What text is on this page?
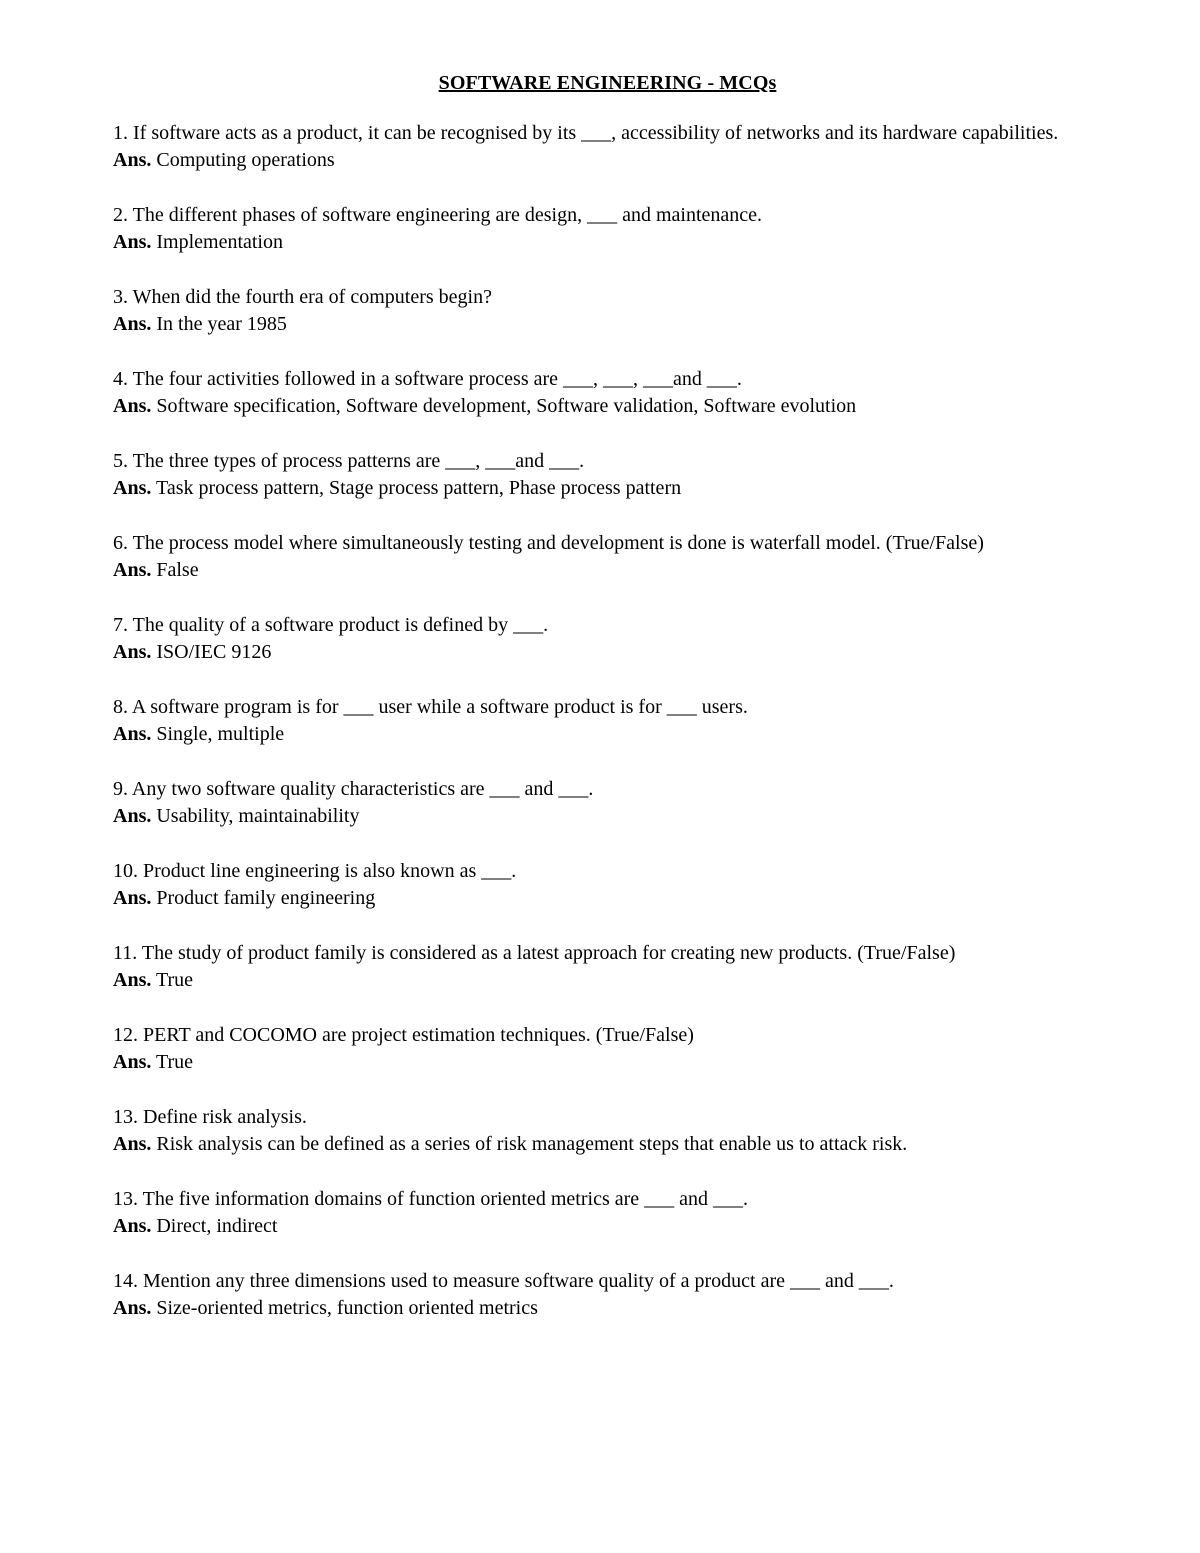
SOFTWARE ENGINEERING - MCQs

1. If software acts as a product, it can be recognised by its ___, accessibility of networks and its hardware capabilities.

Ans. Computing operations

2. The different phases of software engineering are design, ___ and maintenance.

Ans. Implementation

3. When did the fourth era of computers begin?

Ans. In the year 1985

4. The four activities followed in a software process are ___, ___, ___and ___.

Ans. Software specification, Software development, Software validation, Software evolution

5. The three types of process patterns are ___, ___and ___.

Ans. Task process pattern, Stage process pattern, Phase process pattern

6. The process model where simultaneously testing and development is done is waterfall model. (True/False)

Ans. False

7. The quality of a software product is defined by ___.

Ans. ISO/IEC 9126

8. A software program is for ___ user while a software product is for ___ users.

Ans. Single, multiple

9. Any two software quality characteristics are ___ and ___.

Ans. Usability, maintainability

10. Product line engineering is also known as ___.

Ans. Product family engineering

11. The study of product family is considered as a latest approach for creating new products. (True/False)

Ans. True

12. PERT and COCOMO are project estimation techniques. (True/False)

Ans. True

13. Define risk analysis.

Ans. Risk analysis can be defined as a series of risk management steps that enable us to attack risk.

13. The five information domains of function oriented metrics are ___ and ___.

Ans. Direct, indirect

14. Mention any three dimensions used to measure software quality of a product are ___ and ___.

Ans. Size-oriented metrics, function oriented metrics
